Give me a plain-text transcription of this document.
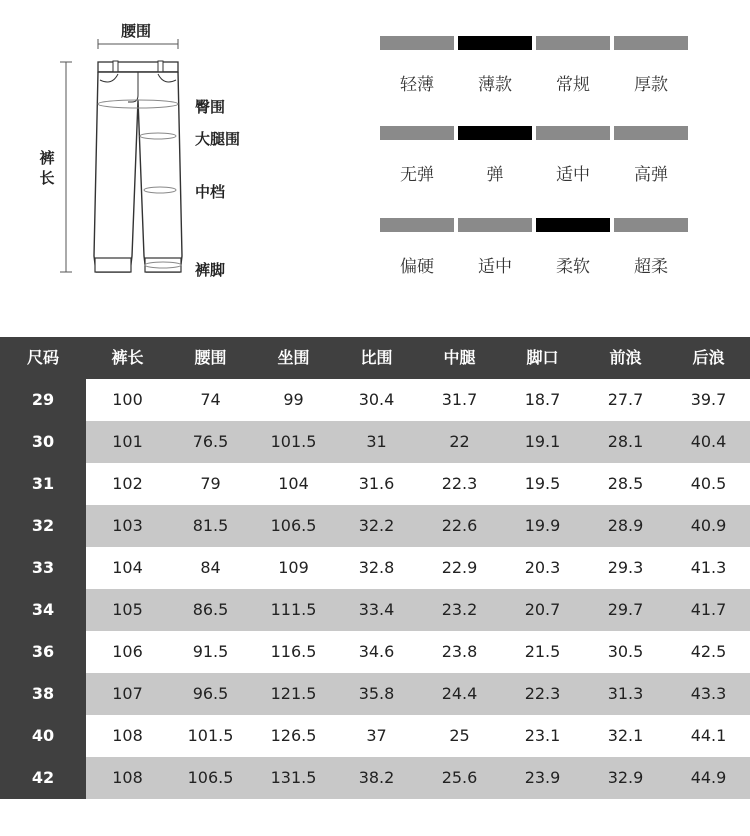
腰围
臀围
大腿围
中档
裤脚
裤长
轻薄	薄款	常规	厚款
无弹	弹	适中	高弹
偏硬	适中	柔软	超柔
尺码	裤长	腰围	坐围	比围	中腿	脚口	前浪	后浪
29	100	74	99	30.4	31.7	18.7	27.7	39.7
30	101	76.5	101.5	31	22	19.1	28.1	40.4
31	102	79	104	31.6	22.3	19.5	28.5	40.5
32	103	81.5	106.5	32.2	22.6	19.9	28.9	40.9
33	104	84	109	32.8	22.9	20.3	29.3	41.3
34	105	86.5	111.5	33.4	23.2	20.7	29.7	41.7
36	106	91.5	116.5	34.6	23.8	21.5	30.5	42.5
38	107	96.5	121.5	35.8	24.4	22.3	31.3	43.3
40	108	101.5	126.5	37	25	23.1	32.1	44.1
42	108	106.5	131.5	38.2	25.6	23.9	32.9	44.9
